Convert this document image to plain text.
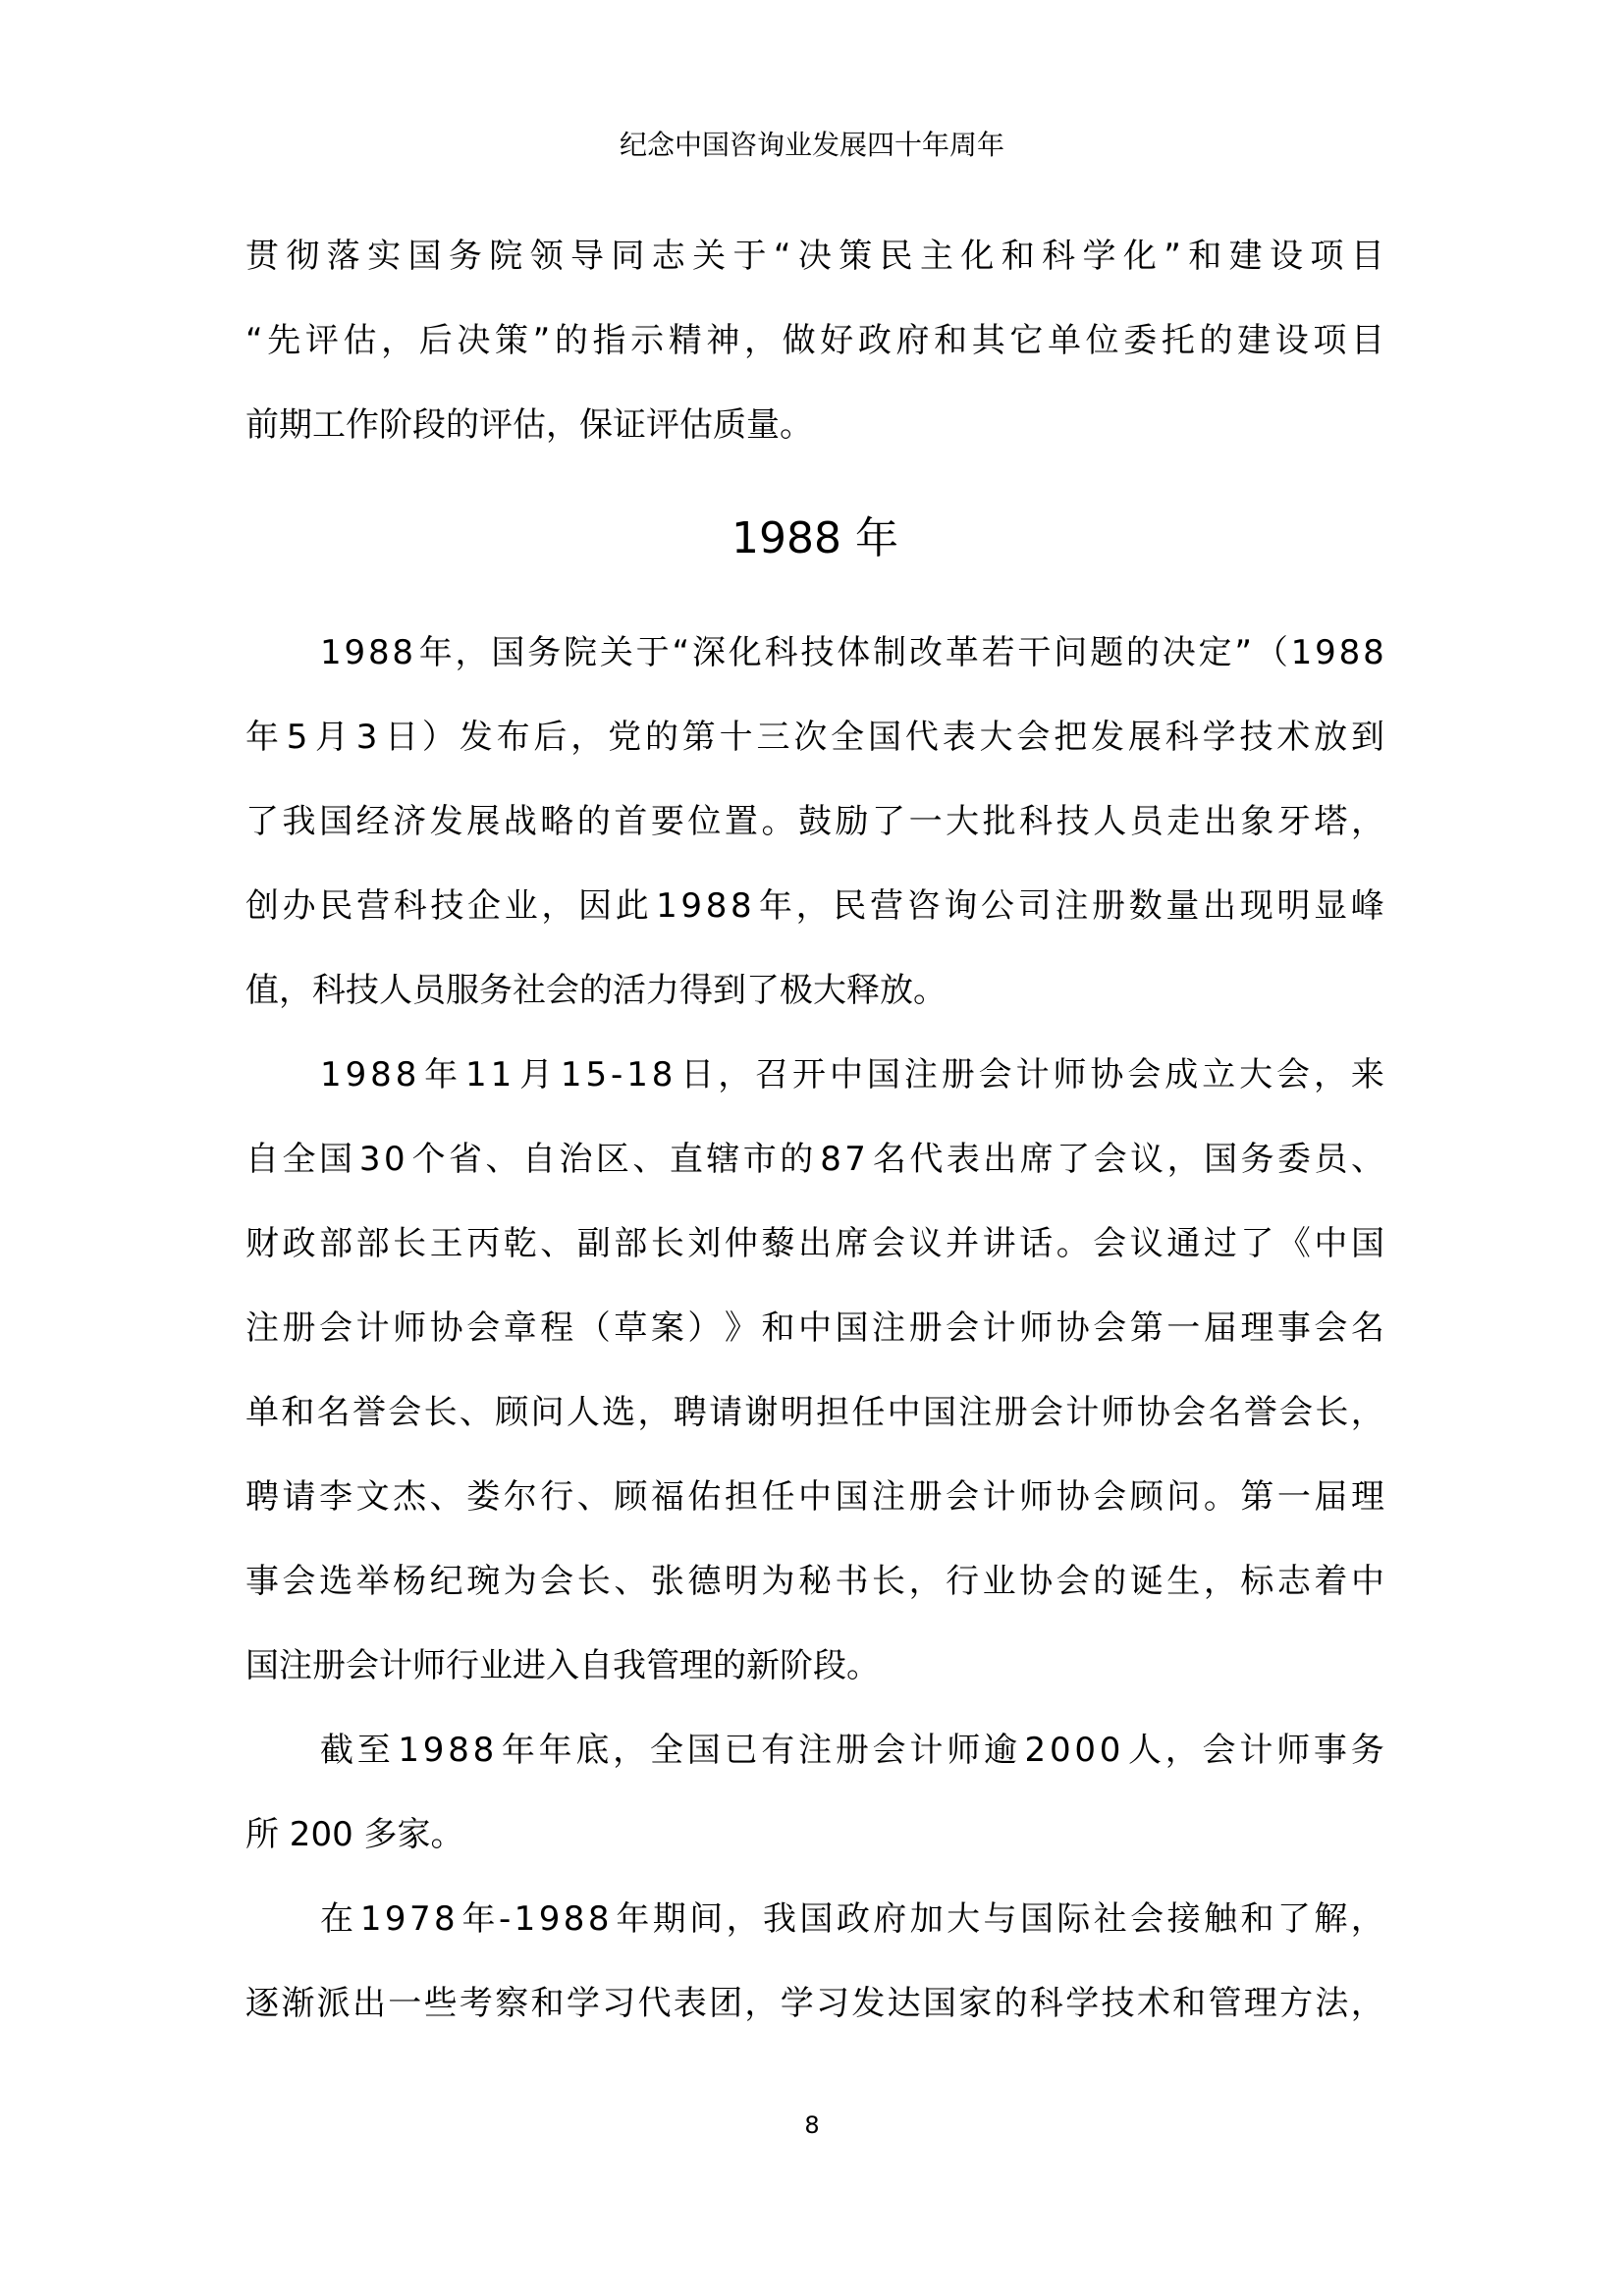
纪念中国咨询业发展四十年周年
贯 彻 落 实 国 务 院 领 导 同 志 关 于 “ 决 策 民 主 化 和 科 学 化 ” 和 建 设 项 目
“ 先 评 估 ， 后 决 策 ” 的 指 示 精 神 ， 做 好 政 府 和 其 它 单 位 委 托 的 建 设 项 目
前期工作阶段的评估，保证评估质量。
1988 年
1 9 8 8 年 ， 国 务 院 关 于 “ 深 化 科 技 体 制 改 革 若 干 问 题 的 决 定 ” （ 1 9 8 8
年 5 月 3 日 ） 发 布 后 ， 党 的 第 十 三 次 全 国 代 表 大 会 把 发 展 科 学 技 术 放 到
了 我 国 经 济 发 展 战 略 的 首 要 位 置 。 鼓 励 了 一 大 批 科 技 人 员 走 出 象 牙 塔 ，
创 办 民 营 科 技 企 业 ， 因 此 1 9 8 8 年 ， 民 营 咨 询 公 司 注 册 数 量 出 现 明 显 峰
值，科技人员服务社会的活力得到了极大释放。
1 9 8 8 年 1 1 月 1 5 - 1 8 日 ， 召 开 中 国 注 册 会 计 师 协 会 成 立 大 会 ， 来
自 全 国 3 0 个 省 、 自 治 区 、 直 辖 市 的 8 7 名 代 表 出 席 了 会 议 ， 国 务 委 员 、
财 政 部 部 长 王 丙 乾 、 副 部 长 刘 仲 藜 出 席 会 议 并 讲 话 。 会 议 通 过 了 《 中 国
注 册 会 计 师 协 会 章 程 （ 草 案 ） 》 和 中 国 注 册 会 计 师 协 会 第 一 届 理 事 会 名
单 和 名 誉 会 长 、 顾 问 人 选 ， 聘 请 谢 明 担 任 中 国 注 册 会 计 师 协 会 名 誉 会 长 ，
聘 请 李 文 杰 、 娄 尔 行 、 顾 福 佑 担 任 中 国 注 册 会 计 师 协 会 顾 问 。 第 一 届 理
事 会 选 举 杨 纪 琬 为 会 长 、 张 德 明 为 秘 书 长 ， 行 业 协 会 的 诞 生 ， 标 志 着 中
国注册会计师行业进入自我管理的新阶段。
截 至 1 9 8 8 年 年 底 ， 全 国 已 有 注 册 会 计 师 逾 2 0 0 0 人 ， 会 计 师 事 务
所 200 多家。
在 1 9 7 8 年 - 1 9 8 8 年 期 间 ， 我 国 政 府 加 大 与 国 际 社 会 接 触 和 了 解 ，
逐 渐 派 出 一 些 考 察 和 学 习 代 表 团 ， 学 习 发 达 国 家 的 科 学 技 术 和 管 理 方 法 ，
8
